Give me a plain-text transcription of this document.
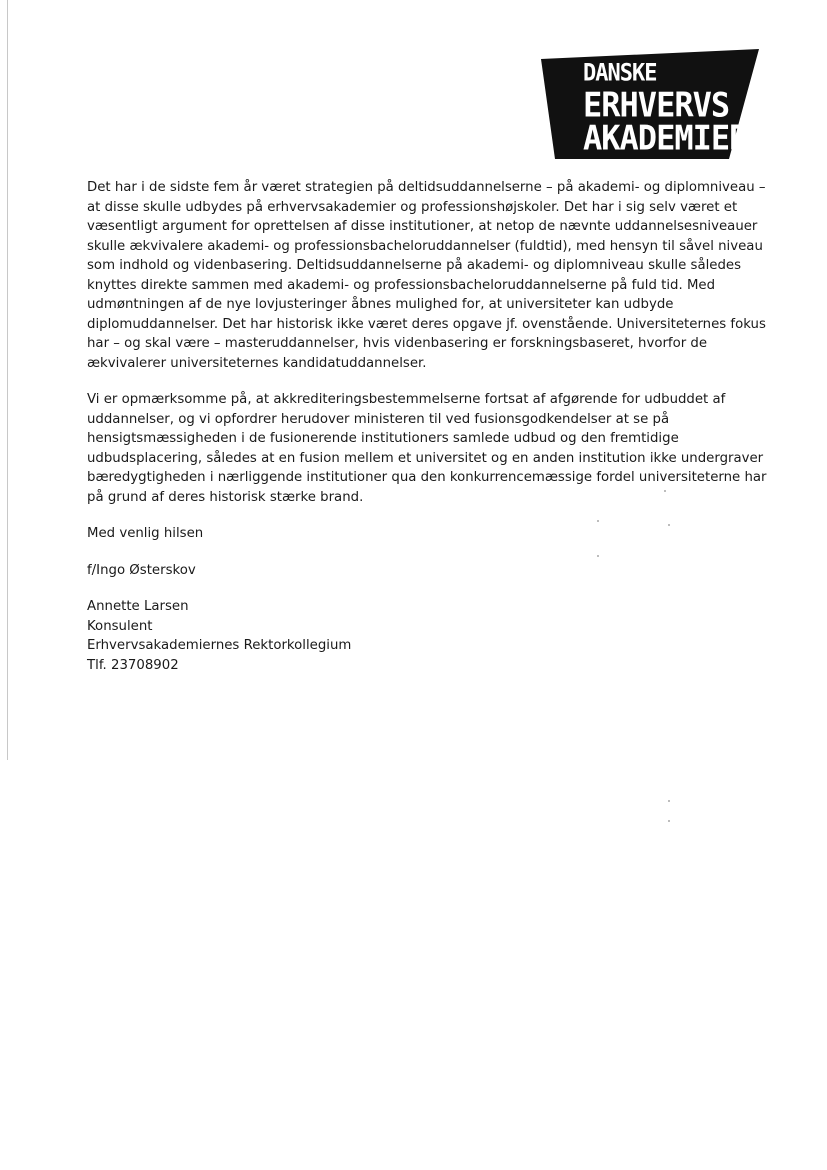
DANSKE
ERHVERVS
AKADEMIER

Det har i de sidste fem år været strategien på deltidsuddannelserne – på akademi- og diplomniveau – at disse skulle udbydes på erhvervsakademier og professionshøjskoler. Det har i sig selv været et væsentligt argument for oprettelsen af disse institutioner, at netop de nævnte uddannelsesniveauer skulle ækvivalere akademi- og professionsbacheloruddannelser (fuldtid), med hensyn til såvel niveau som indhold og videnbasering. Deltidsuddannelserne på akademi- og diplomniveau skulle således knyttes direkte sammen med akademi- og professionsbacheloruddannelserne på fuld tid. Med udmøntningen af de nye lovjusteringer åbnes mulighed for, at universiteter kan udbyde diplomuddannelser. Det har historisk ikke været deres opgave jf. ovenstående. Universiteternes fokus har – og skal være – masteruddannelser, hvis videnbasering er forskningsbaseret, hvorfor de ækvivalerer universiteternes kandidatuddannelser.

Vi er opmærksomme på, at akkrediteringsbestemmelserne fortsat af afgørende for udbuddet af uddannelser, og vi opfordrer herudover ministeren til ved fusionsgodkendelser at se på hensigtsmæssigheden i de fusionerende institutioners samlede udbud og den fremtidige udbudsplacering, således at en fusion mellem et universitet og en anden institution ikke undergraver bæredygtigheden i nærliggende institutioner qua den konkurrencemæssige fordel universiteterne har på grund af deres historisk stærke brand.

Med venlig hilsen

f/Ingo Østerskov

Annette Larsen
Konsulent
Erhvervsakademiernes Rektorkollegium
Tlf. 23708902
